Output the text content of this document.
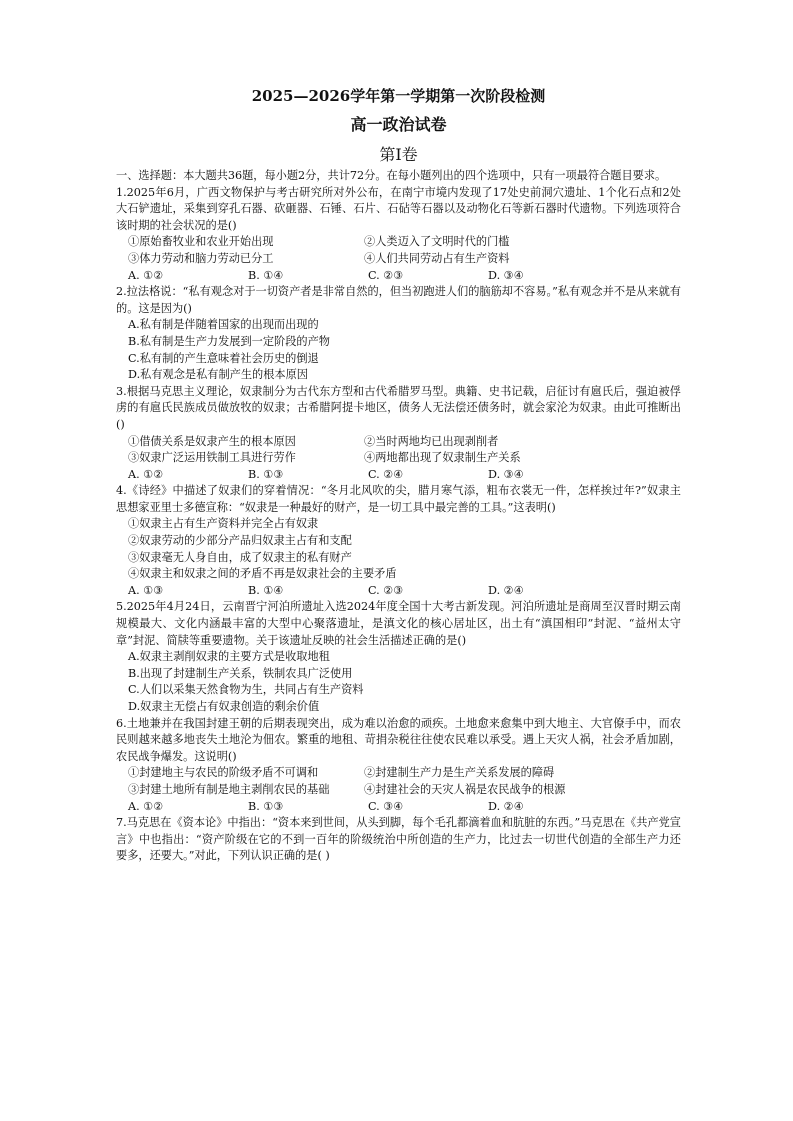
2025—2026学年第一学期第一次阶段检测
高一政治试卷
第Ⅰ卷
一、选择题：本大题共36题，每小题2分，共计72分。在每小题列出的四个选项中，只有一项最符合题目要求。
1.2025年6月，广西文物保护与考古研究所对外公布，在南宁市境内发现了17处史前洞穴遗址、1个化石点和2处大石铲遗址，采集到穿孔石器、砍砸器、石锤、石片、石砧等石器以及动物化石等新石器时代遗物。下列选项符合该时期的社会状况的是()
①原始畜牧业和农业开始出现	②人类迈入了文明时代的门槛
③体力劳动和脑力劳动已分工	④人们共同劳动占有生产资料
A. ①②	B. ①④	C. ②③	D. ③④
2.拉法格说：“私有观念对于一切资产者是非常自然的，但当初跑进人们的脑筋却不容易。”私有观念并不是从来就有的。这是因为()
A.私有制是伴随着国家的出现而出现的
B.私有制是生产力发展到一定阶段的产物
C.私有制的产生意味着社会历史的倒退
D.私有观念是私有制产生的根本原因
3.根据马克思主义理论，奴隶制分为古代东方型和古代希腊罗马型。典籍、史书记载，启征讨有扈氏后，强迫被俘虏的有扈氏民族成员做放牧的奴隶；古希腊阿提卡地区，债务人无法偿还债务时，就会家沦为奴隶。由此可推断出()
①借债关系是奴隶产生的根本原因	②当时两地均已出现剥削者
③奴隶广泛运用铁制工具进行劳作	④两地都出现了奴隶制生产关系
A. ①②	B. ①③	C. ②④	D. ③④
4.《诗经》中描述了奴隶们的穿着情况：“冬月北风吹的尖，腊月寒气添，粗布衣裳无一件，怎样挨过年?”奴隶主思想家亚里士多德宣称：“奴隶是一种最好的财产，是一切工具中最完善的工具。”这表明()
①奴隶主占有生产资料并完全占有奴隶
②奴隶劳动的少部分产品归奴隶主占有和支配
③奴隶毫无人身自由，成了奴隶主的私有财产
④奴隶主和奴隶之间的矛盾不再是奴隶社会的主要矛盾
A. ①③	B. ①④	C. ②③	D. ②④
5.2025年4月24日，云南晋宁河泊所遗址入选2024年度全国十大考古新发现。河泊所遗址是商周至汉晋时期云南规模最大、文化内涵最丰富的大型中心聚落遗址，是滇文化的核心居址区，出土有“滇国相印”封泥、“益州太守章”封泥、简牍等重要遗物。关于该遗址反映的社会生活描述正确的是()
A.奴隶主剥削奴隶的主要方式是收取地租
B.出现了封建制生产关系，铁制农具广泛使用
C.人们以采集天然食物为生，共同占有生产资料
D.奴隶主无偿占有奴隶创造的剩余价值
6.土地兼并在我国封建王朝的后期表现突出，成为难以治愈的顽疾。土地愈来愈集中到大地主、大官僚手中，而农民则越来越多地丧失土地沦为佃农。繁重的地租、苛捐杂税往往使农民难以承受。遇上天灾人祸，社会矛盾加剧，农民战争爆发。这说明()
①封建地主与农民的阶级矛盾不可调和	②封建制生产力是生产关系发展的障碍
③封建土地所有制是地主剥削农民的基础	④封建社会的天灾人祸是农民战争的根源
A. ①②	B. ①③	C. ③④	D. ②④
7.马克思在《资本论》中指出：“资本来到世间，从头到脚，每个毛孔都滴着血和肮脏的东西。”马克思在《共产党宣言》中也指出：“资产阶级在它的不到一百年的阶级统治中所创造的生产力，比过去一切世代创造的全部生产力还要多，还要大。”对此，下列认识正确的是( )
